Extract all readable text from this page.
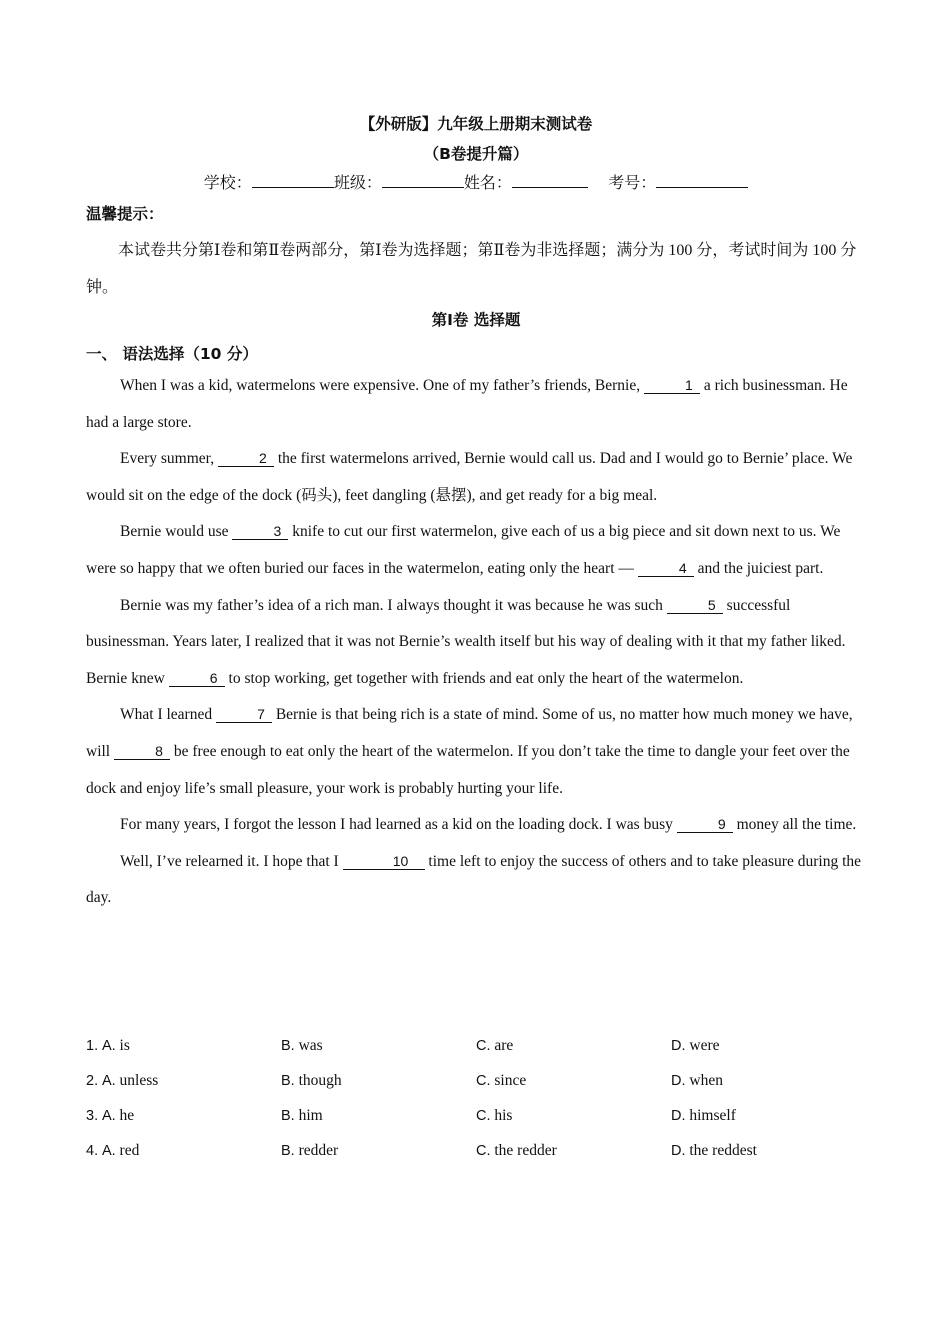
【外研版】九年级上册期末测试卷
（B卷提升篇）
学校：	班级：	姓名：	考号：
温馨提示：
本试卷共分第Ⅰ卷和第Ⅱ卷两部分，第Ⅰ卷为选择题；第Ⅱ卷为非选择题；满分为 100 分，考试时间为 100 分钟。
第Ⅰ卷 选择题
一、 语法选择（10 分）

When I was a kid, watermelons were expensive. One of my father’s friends, Bernie,	1 a rich businessman. He had a large store.

Every summer,	2 the first watermelons arrived, Bernie would call us. Dad and I would go to Bernie’ place. We would sit on the edge of the dock (码头), feet dangling (悬摆), and get ready for a big meal.

Bernie would use	3 knife to cut our first watermelon, give each of us a big piece and sit down next to us. We were so happy that we often buried our faces in the watermelon, eating only the heart —	4 and the juiciest part.

Bernie was my father’s idea of a rich man. I always thought it was because he was such	5 successful businessman. Years later, I realized that it was not Bernie’s wealth itself but his way of dealing with it that my father liked. Bernie knew	6 to stop working, get together with friends and eat only the heart of the watermelon.

What I learned	7 Bernie is that being rich is a state of mind. Some of us, no matter how much money we have, will	8 be free enough to eat only the heart of the watermelon. If you don’t take the time to dangle your feet over the dock and enjoy life’s small pleasure, your work is probably hurting your life.

For many years, I forgot the lesson I had learned as a kid on the loading dock. I was busy	9 money all the time.

Well, I’ve relearned it. I hope that I	10 time left to enjoy the success of others and to take pleasure during the day.

1. A. is	B. was	C. are	D. were
2. A. unless	B. though	C. since	D. when
3. A. he	B. him	C. his	D. himself
4. A. red	B. redder	C. the redder	D. the reddest
